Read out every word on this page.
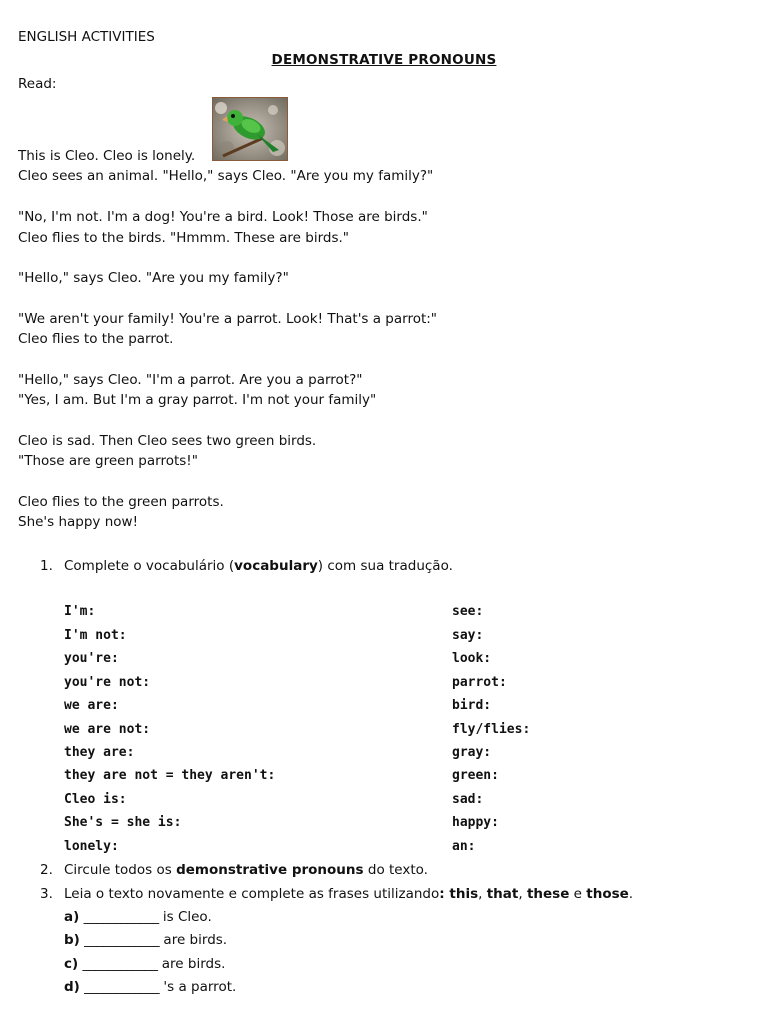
ENGLISH ACTIVITIES
DEMONSTRATIVE PRONOUNS
Read:
This is Cleo. Cleo is lonely.
Cleo sees an animal. "Hello," says Cleo. "Are you my family?"
"No, I'm not. I'm a dog! You're a bird. Look! Those are birds."
Cleo flies to the birds. "Hmmm. These are birds."
"Hello," says Cleo. "Are you my family?"
"We aren't your family! You're a parrot. Look! That's a parrot:"
Cleo flies to the parrot.
"Hello," says Cleo. "I'm a parrot. Are you a parrot?"
"Yes, I am. But I'm a gray parrot. I'm not your family"
Cleo is sad. Then Cleo sees two green birds.
"Those are green parrots!"
Cleo flies to the green parrots.
She's happy now!
1. Complete o vocabulário (vocabulary) com sua tradução.
I'm:
I'm not:
you're:
you're not:
we are:
we are not:
they are:
they are not = they aren't:
Cleo is:
She's = she is:
lonely:
see:
say:
look:
parrot:
bird:
fly/flies:
gray:
green:
sad:
happy:
an:
2. Circule todos os demonstrative pronouns do texto.
3. Leia o texto novamente e complete as frases utilizando: this, that, these e those.
a) ____________ is Cleo.
b) ____________ are birds.
c) ____________ are birds.
d) ____________ 's a parrot.
